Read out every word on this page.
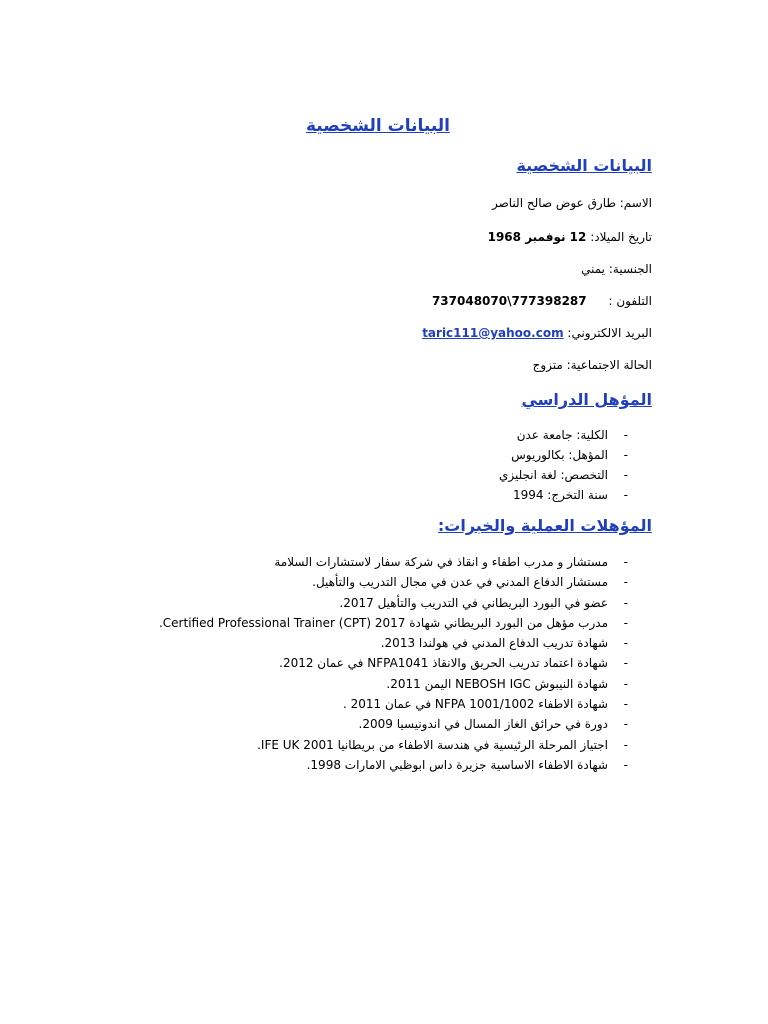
البيانات الشخصية
البيانات الشخصية
الاسم: طارق عوض صالح الناصر
تاريخ الميلاد: 12 نوفمبر 1968
الجنسية: يمني
التلفون : 737048070\777398287
البريد الالكتروني: taric111@yahoo.com
الحالة الاجتماعية: متزوج
المؤهل الدراسي
-
الكلية: جامعة عدن
-
المؤهل: بكالوريوس
-
التخصص: لغة انجليزي
-
سنة التخرج: 1994
المؤهلات العملية والخبرات:
-
مستشار و مدرب اطفاء و انقاذ في شركة سفار لاستشارات السلامة
-
مستشار الدفاع المدني في عدن في مجال التدريب والتأهيل.
-
عضو في البورد البريطاني في التدريب والتأهيل 2017.
-
مدرب مؤهل من البورد البريطاني شهادة 2017 Certified Professional Trainer (CPT).
-
شهادة تدريب الدفاع المدني في هولندا 2013.
-
شهادة اعتماد تدريب الحريق والانقاذ NFPA1041 في عمان 2012.
-
شهادة النيبوش NEBOSH IGC اليمن 2011.
-
شهادة الاطفاء NFPA 1001/1002 في عمان 2011 .
-
دورة في حرائق الغاز المسال في اندونيسيا 2009.
-
اجتياز المرحلة الرئيسية في هندسة الاطفاء من بريطانيا 2001 IFE UK.
-
شهادة الاطفاء الاساسية جزيرة داس ابوظبي الامارات 1998.
